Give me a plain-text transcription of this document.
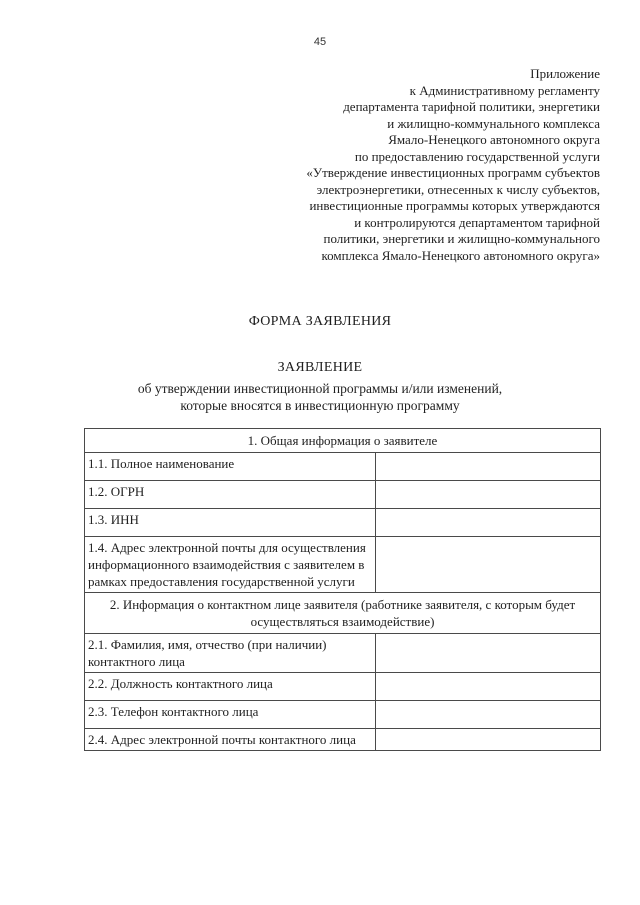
45
Приложение
к Административному регламенту
департамента тарифной политики, энергетики
и жилищно-коммунального комплекса
Ямало-Ненецкого автономного округа
по предоставлению государственной услуги
«Утверждение инвестиционных программ субъектов
электроэнергетики, отнесенных к числу субъектов,
инвестиционные программы которых утверждаются
и контролируются департаментом тарифной
политики, энергетики и жилищно-коммунального
комплекса Ямало-Ненецкого автономного округа»
ФОРМА ЗАЯВЛЕНИЯ
ЗАЯВЛЕНИЕ
об утверждении инвестиционной программы и/или изменений,
которые вносятся в инвестиционную программу
1. Общая информация о заявителе	
1.1. Полное наименование	
1.2. ОГРН	
1.3. ИНН	
1.4. Адрес электронной почты для осуществления информационного взаимодействия с заявителем в рамках предоставления государственной услуги	
2. Информация о контактном лице заявителя (работнике заявителя, с которым будет осуществляться взаимодействие)	
2.1. Фамилия, имя, отчество (при наличии) контактного лица	
2.2. Должность контактного лица	
2.3. Телефон контактного лица	
2.4. Адрес электронной почты контактного лица	
